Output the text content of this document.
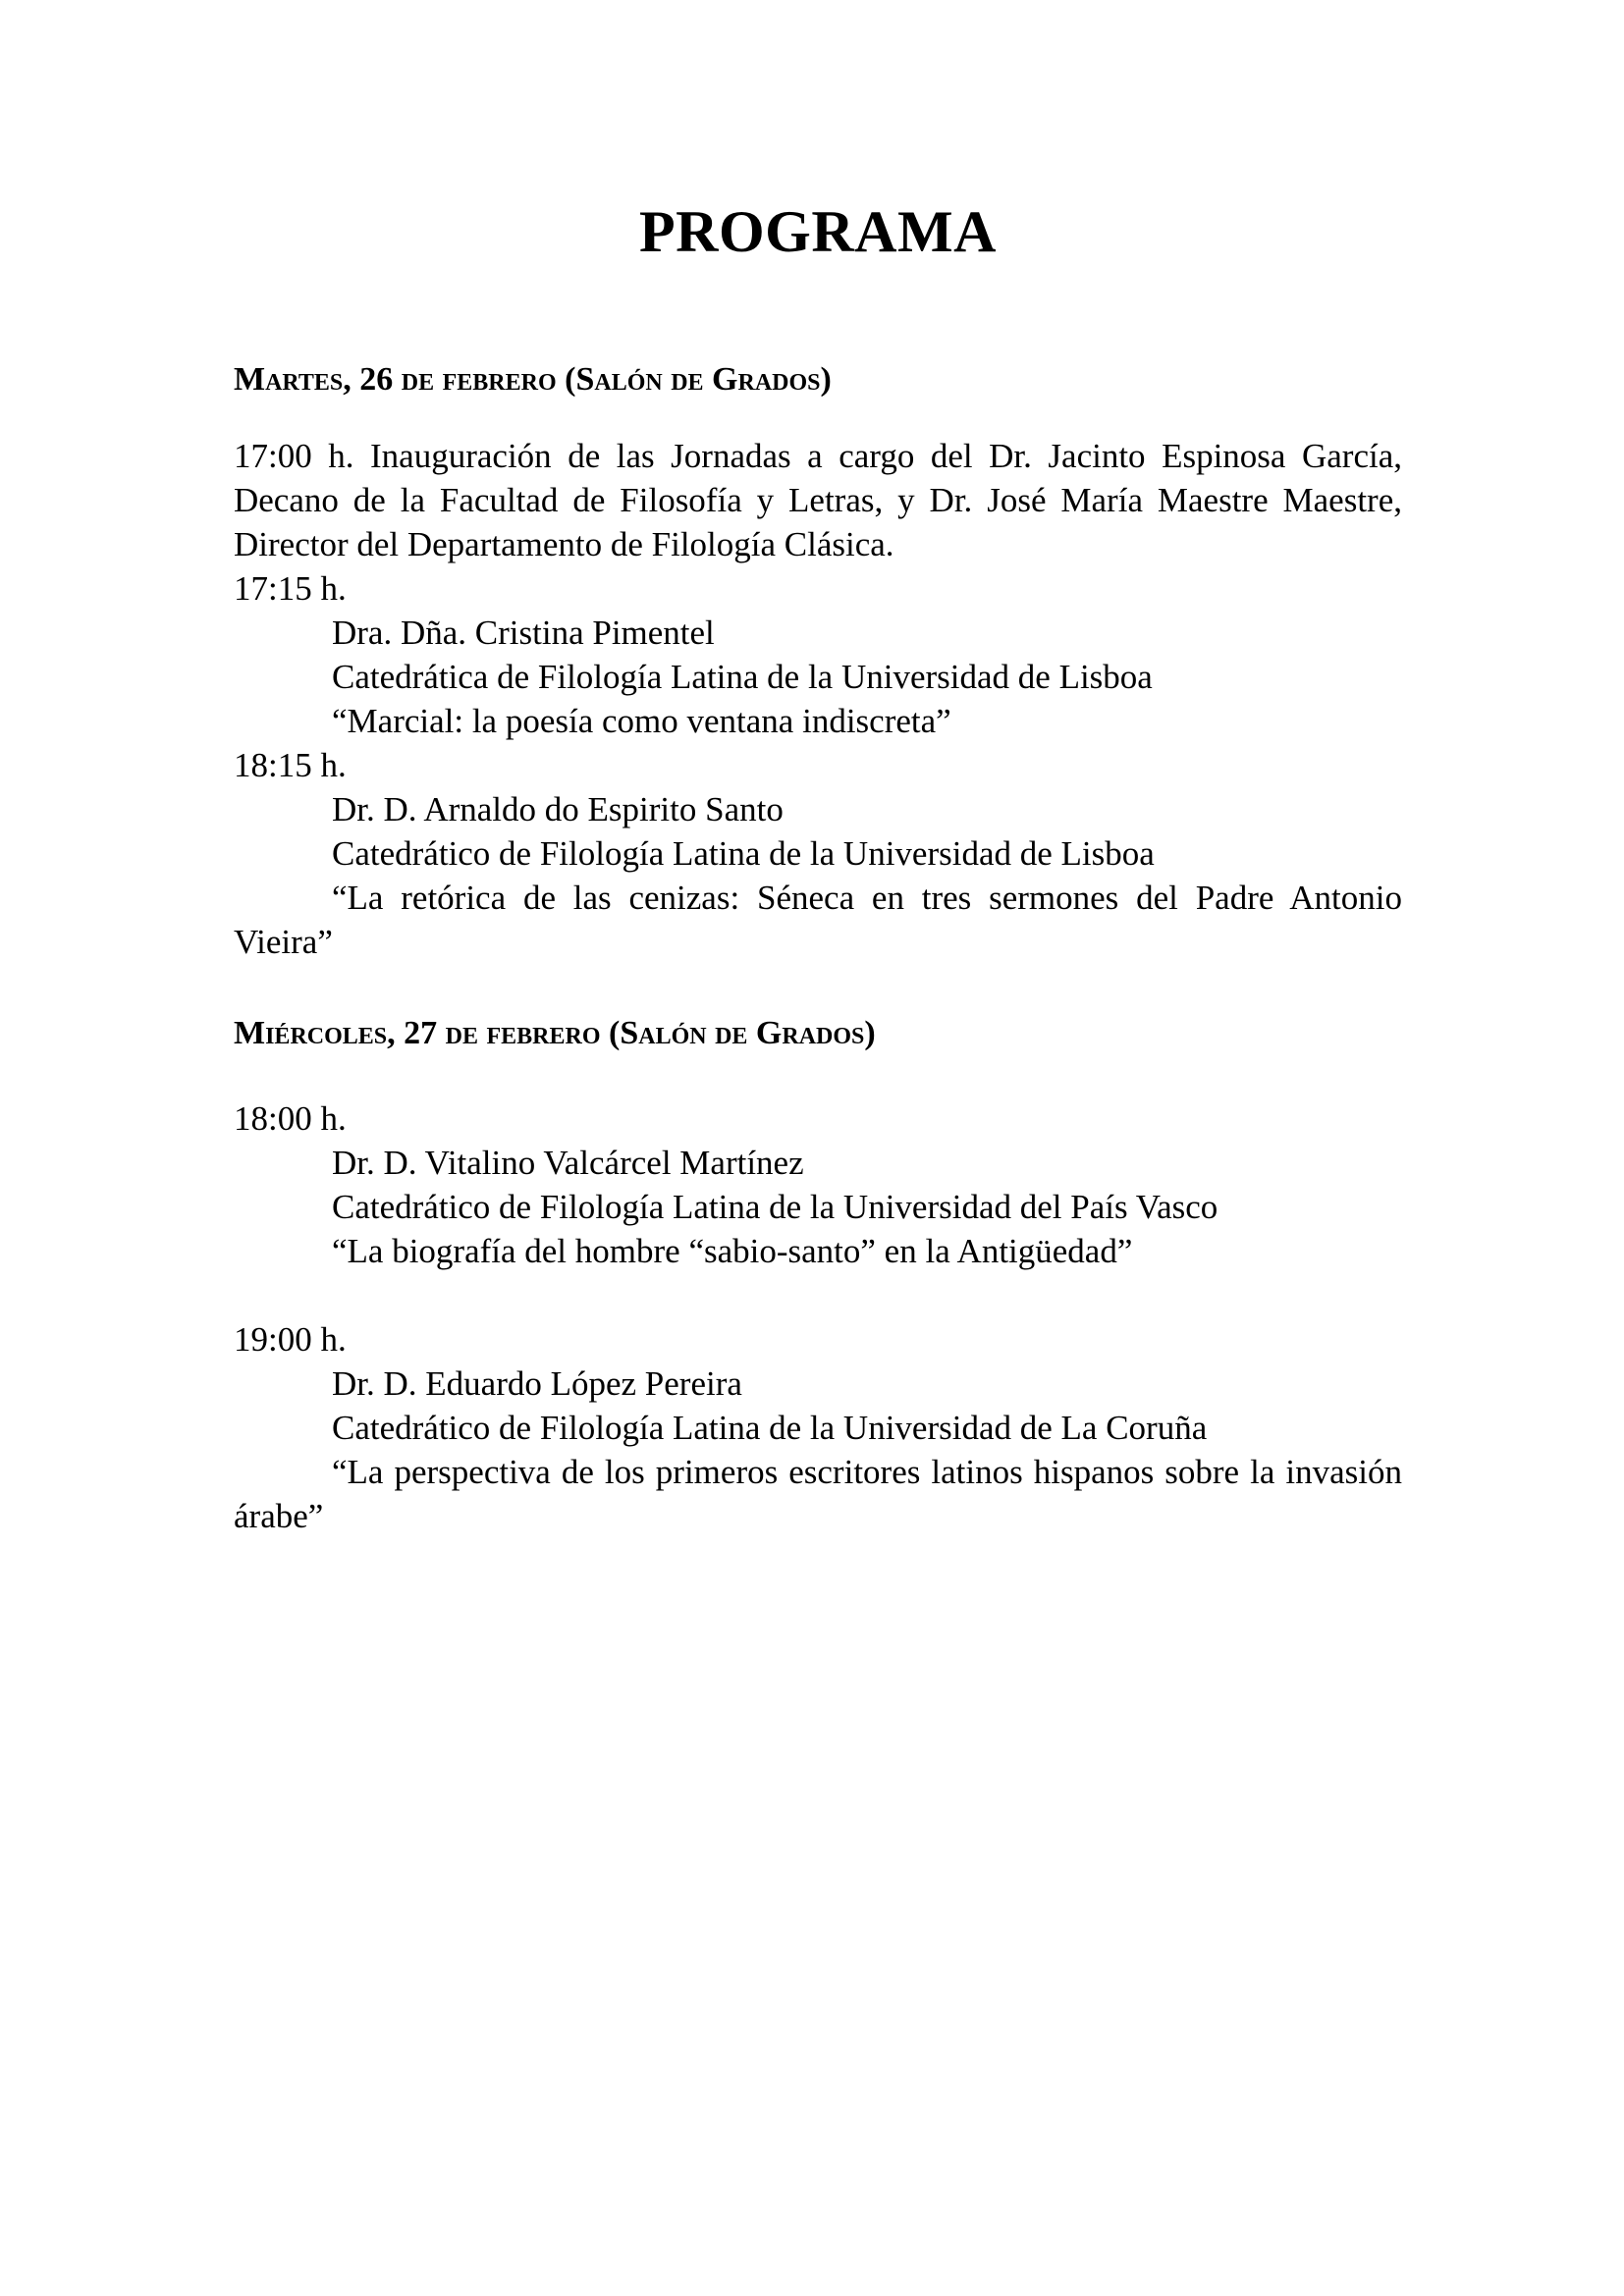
PROGRAMA

Martes, 26 de febrero (Salón de Grados)

17:00 h. Inauguración de las Jornadas a cargo del Dr. Jacinto Espinosa García, Decano de la Facultad de Filosofía y Letras, y Dr. José María Maestre Maestre, Director del Departamento de Filología Clásica.

17:15 h.

Dra. Dña. Cristina Pimentel

Catedrática de Filología Latina de la Universidad de Lisboa

“Marcial: la poesía como ventana indiscreta”

18:15 h.

Dr. D. Arnaldo do Espirito Santo

Catedrático de Filología Latina de la Universidad de Lisboa

“La retórica de las cenizas: Séneca en tres sermones del Padre Antonio Vieira”

Miércoles, 27 de febrero (Salón de Grados)

18:00 h.

Dr. D. Vitalino Valcárcel Martínez

Catedrático de Filología Latina de la Universidad del País Vasco

“La biografía del hombre “sabio-santo” en la Antigüedad”

19:00 h.

Dr. D. Eduardo López Pereira

Catedrático de Filología Latina de la Universidad de La Coruña

“La perspectiva de los primeros escritores latinos hispanos sobre la invasión árabe”
